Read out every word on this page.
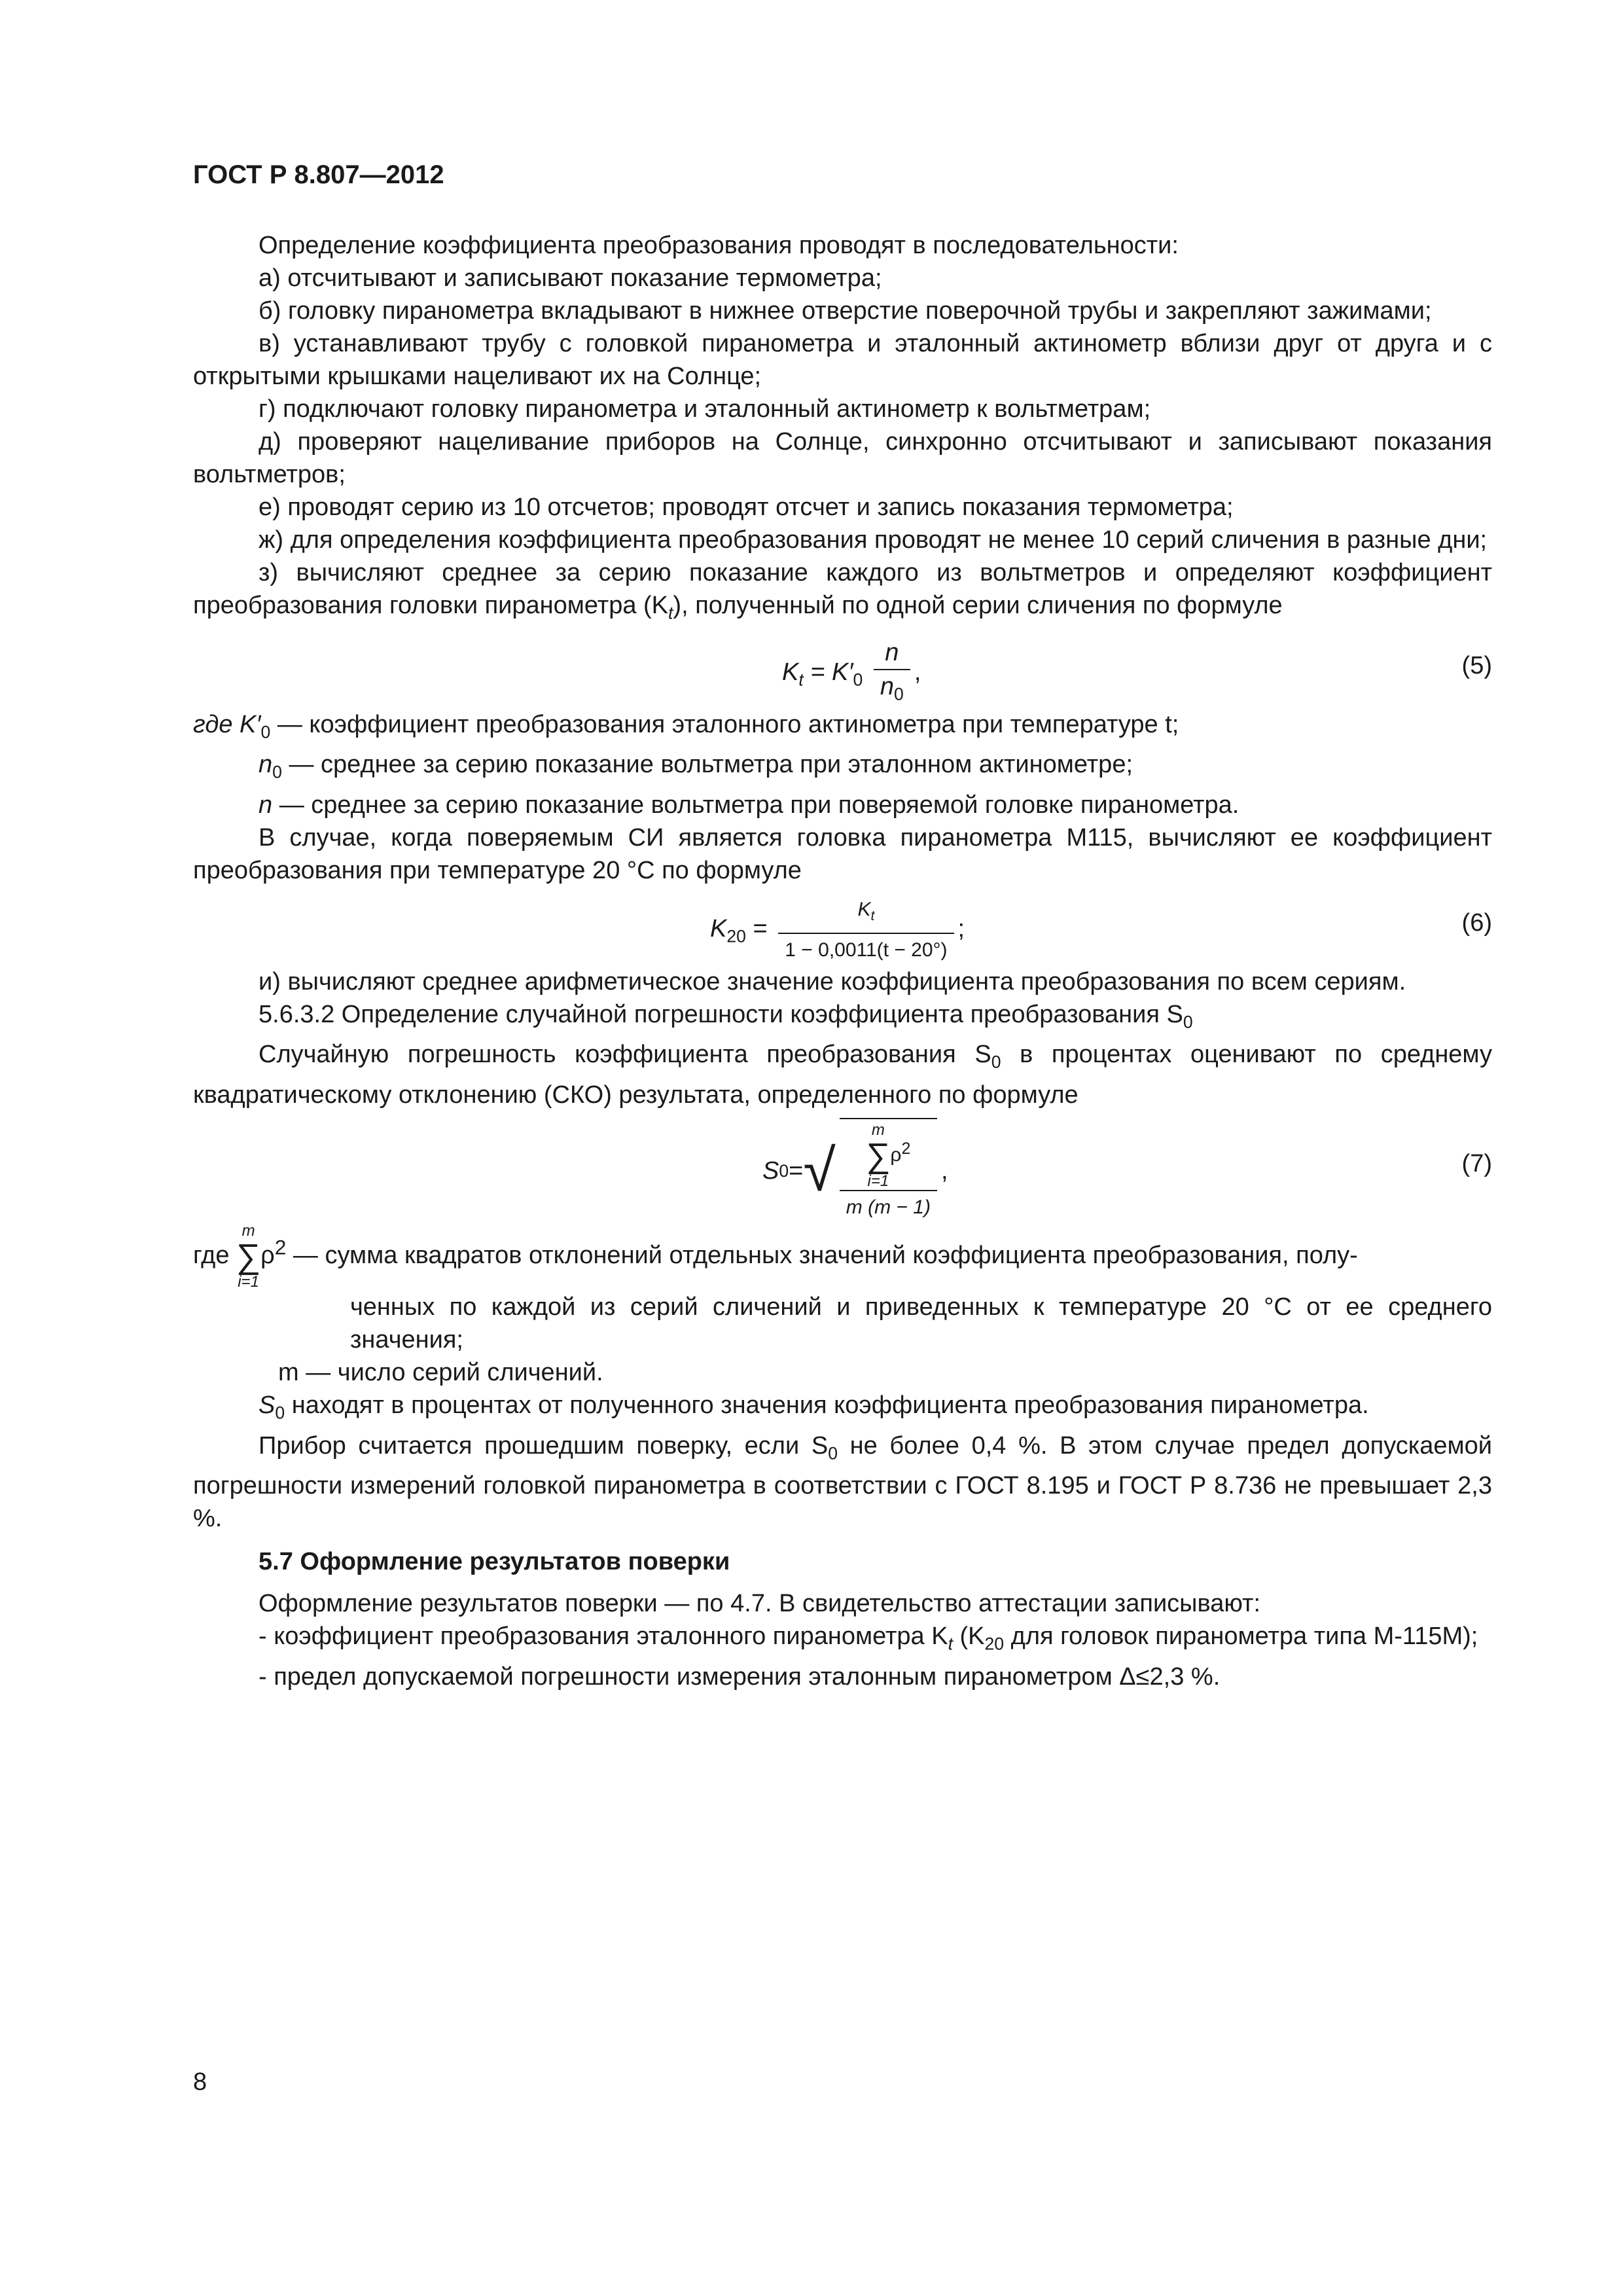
ГОСТ Р 8.807—2012

Определение коэффициента преобразования проводят в последовательности:

а) отсчитывают и записывают показание термометра;

б) головку пиранометра вкладывают в нижнее отверстие поверочной трубы и закрепляют зажимами;

в) устанавливают трубу с головкой пиранометра и эталонный актинометр вблизи друг от друга и с открытыми крышками нацеливают их на Солнце;

г) подключают головку пиранометра и эталонный актинометр к вольтметрам;

д) проверяют нацеливание приборов на Солнце, синхронно отсчитывают и записывают показания вольтметров;

е) проводят серию из 10 отсчетов; проводят отсчет и запись показания термометра;

ж) для определения коэффициента преобразования проводят не менее 10 серий сличения в разные дни;

з) вычисляют среднее за серию показание каждого из вольтметров и определяют коэффициент преобразования головки пиранометра $(K_t)$, полученный по одной серии сличения по формуле

$K_t = K'_0 \frac{n}{n_0}$ ,	(5)

где $K'_0$ — коэффициент преобразования эталонного актинометра при температуре t;

$n_0$ — среднее за серию показание вольтметра при эталонном актинометре;

n — среднее за серию показание вольтметра при поверяемой головке пиранометра.

В случае, когда поверяемым СИ является головка пиранометра М115, вычисляют ее коэффициент преобразования при температуре 20 °С по формуле

$K_{20} = \frac{K_t}{1 - 0,0011(t - 20^\circ)}$ ;	(6)

и) вычисляют среднее арифметическое значение коэффициента преобразования по всем сериям.

5.6.3.2 Определение случайной погрешности коэффициента преобразования $S_0$

Случайную погрешность коэффициента преобразования $S_0$ в процентах оценивают по среднему квадратическому отклонению (СКО) результата, определенного по формуле

S 0 = √ m
∑
i=1
$\rho^2$
m (m − 1) ,	(7)

где
m
∑
i=1
$\rho^2$ — сумма квадратов отклонений отдельных значений коэффициента преобразования, полу-

ченных по каждой из серий сличений и приведенных к температуре 20 °С от ее среднего значения;

m — число серий сличений.

$S_0$ находят в процентах от полученного значения коэффициента преобразования пиранометра.

Прибор считается прошедшим поверку, если $S_0$ не более 0,4 %. В этом случае предел допускаемой погрешности измерений головкой пиранометра в соответствии с ГОСТ 8.195 и ГОСТ Р 8.736 не превышает 2,3 %.

5.7 Оформление результатов поверки

Оформление результатов поверки — по 4.7. В свидетельство аттестации записывают:

- коэффициент преобразования эталонного пиранометра $K_t$ ($K_{20}$ для головок пиранометра типа М-115М);

- предел допускаемой погрешности измерения эталонным пиранометром Δ≤2,3 %.

8
